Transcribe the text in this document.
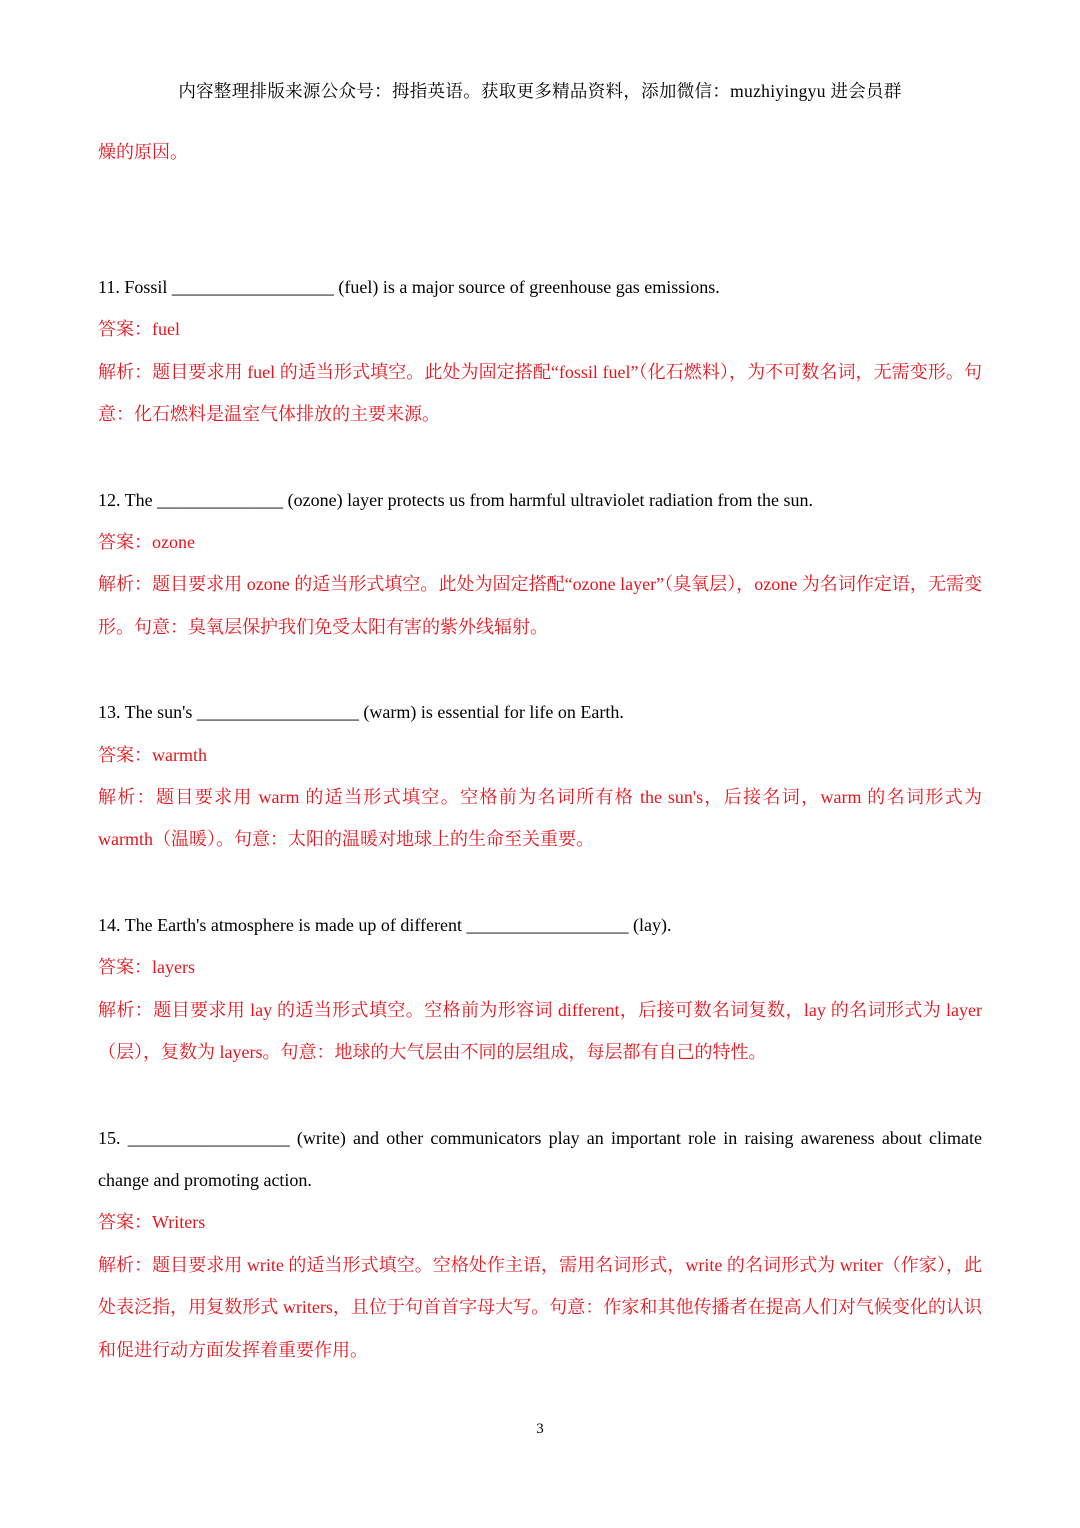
内容整理排版来源公众号：拇指英语。获取更多精品资料，添加微信：muzhiyingyu 进会员群
燥的原因。
11. Fossil __________________ (fuel) is a major source of greenhouse gas emissions.
答案：fuel
解析：题目要求用 fuel 的适当形式填空。此处为固定搭配“fossil fuel”（化石燃料），为不可数名词，无需变形。句意：化石燃料是温室气体排放的主要来源。
12. The ______________ (ozone) layer protects us from harmful ultraviolet radiation from the sun.
答案：ozone
解析：题目要求用 ozone 的适当形式填空。此处为固定搭配“ozone layer”（臭氧层），ozone 为名词作定语，无需变形。句意：臭氧层保护我们免受太阳有害的紫外线辐射。
13. The sun's __________________ (warm) is essential for life on Earth.
答案：warmth
解析：题目要求用 warm 的适当形式填空。空格前为名词所有格 the sun's，后接名词，warm 的名词形式为 warmth（温暖）。句意：太阳的温暖对地球上的生命至关重要。
14. The Earth's atmosphere is made up of different __________________ (lay).
答案：layers
解析：题目要求用 lay 的适当形式填空。空格前为形容词 different，后接可数名词复数，lay 的名词形式为 layer（层），复数为 layers。句意：地球的大气层由不同的层组成，每层都有自己的特性。
15. __________________ (write) and other communicators play an important role in raising awareness about climate change and promoting action.
答案：Writers
解析：题目要求用 write 的适当形式填空。空格处作主语，需用名词形式，write 的名词形式为 writer（作家），此处表泛指，用复数形式 writers，且位于句首首字母大写。句意：作家和其他传播者在提高人们对气候变化的认识和促进行动方面发挥着重要作用。
3
